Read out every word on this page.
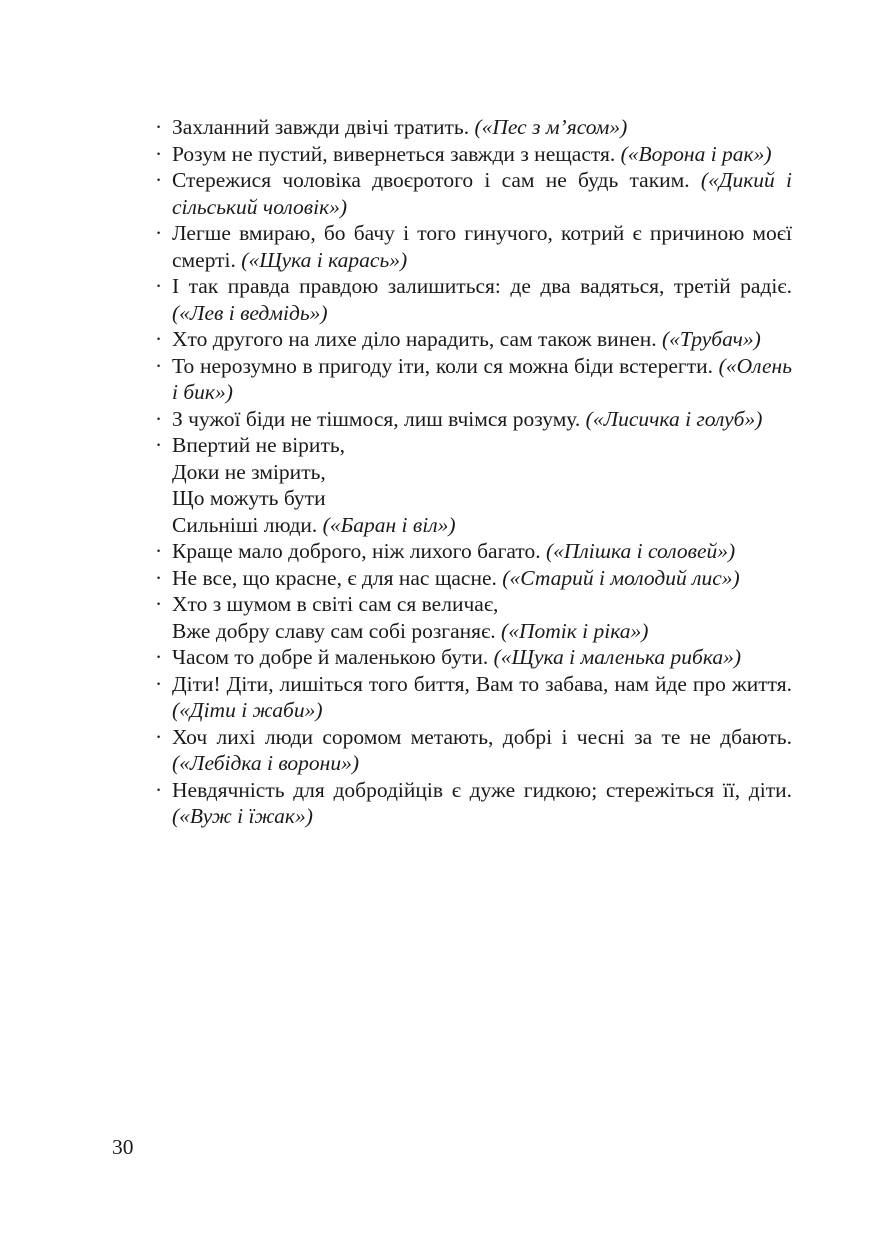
· Захланний завжди двічі тратить. («Пес з м’ясом»)
· Розум не пустий, вивернеться завжди з нещастя. («Ворона і рак»)
· Стережися чоловіка двоєротого і сам не будь таким. («Дикий і сільський чоловік»)
· Легше вмираю, бо бачу і того гинучого, котрий є причиною моєї смерті. («Щука і карась»)
· І так правда правдою залишиться: де два вадяться, третій радіє. («Лев і ведмідь»)
· Хто другого на лихе діло нарадить, сам також винен. («Трубач»)
· То нерозумно в пригоду іти, коли ся можна біди встерегти. («Олень і бик»)
· З чужої біди не тішмося, лиш вчімся розуму. («Лисичка і голуб»)
· Впертий не вірить,
Доки не змірить,
Що можуть бути
Сильніші люди. («Баран і віл»)
· Краще мало доброго, ніж лихого багато. («Плішка і соловей»)
· Не все, що красне, є для нас щасне. («Старий і молодий лис»)
· Хто з шумом в світі сам ся величає,
Вже добру славу сам собі розганяє. («Потік і ріка»)
· Часом то добре й маленькою бути. («Щука і маленька рибка»)
· Діти! Діти, лишіться того биття, Вам то забава, нам йде про життя. («Діти і жаби»)
· Хоч лихі люди соромом метають, добрі і чесні за те не дбають. («Лебідка і ворони»)
· Невдячність для добродійців є дуже гидкою; стережіться її, діти. («Вуж і їжак»)
30
